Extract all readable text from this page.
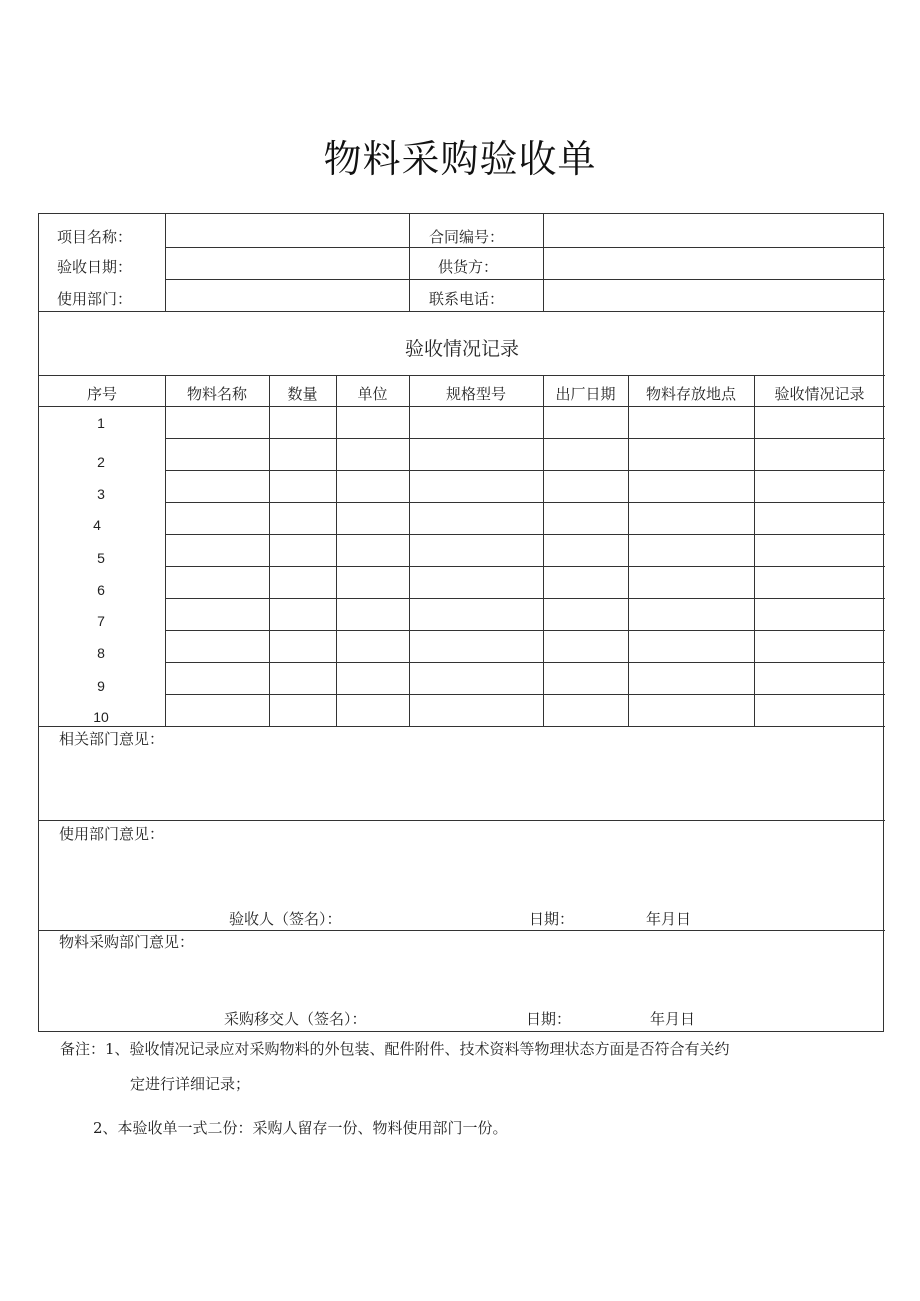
物料采购验收单
项目名称：	合同编号：
验收日期：	供货方：
使用部门：	联系电话：
验收情况记录
序号	物料名称	数量	单位	规格型号	出厂日期	物料存放地点	验收情况记录
1
2
3
4
5
6
7
8
9
10
相关部门意见：
使用部门意见：
验收人（签名）：	日期：	年月日
物料采购部门意见：
采购移交人（签名）：	日期：	年月日
备注：1、验收情况记录应对采购物料的外包装、配件附件、技术资料等物理状态方面是否符合有关约
定进行详细记录；
2、本验收单一式二份：采购人留存一份、物料使用部门一份。
